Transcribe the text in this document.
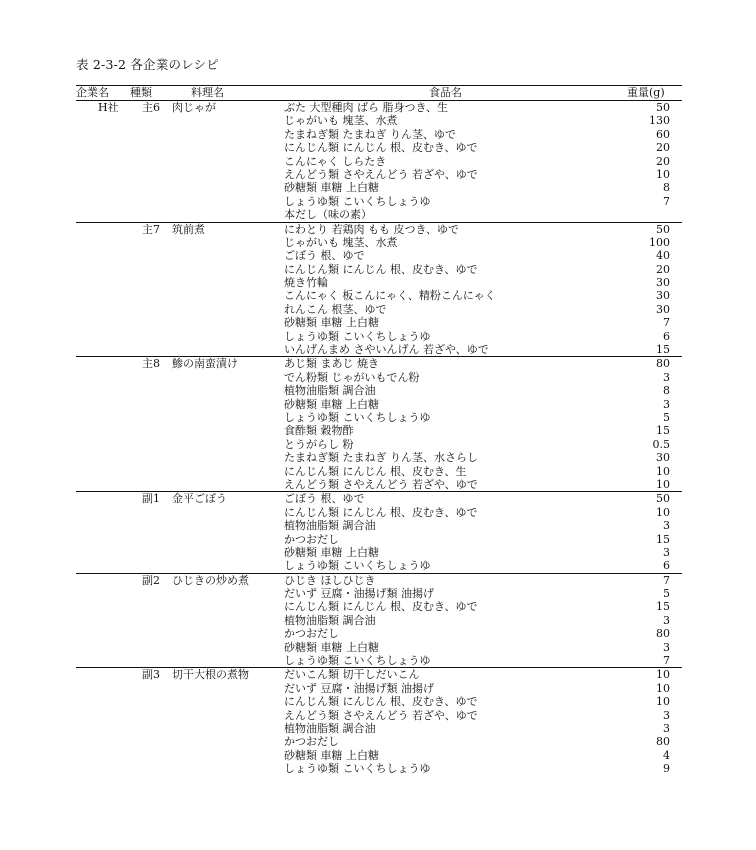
表 2-3-2 各企業のレシピ
企業名 種類	料理名	食品名	重量(g)
H社 主6 肉じゃが	ぶた 大型種肉 ばら 脂身つき、生	50
じゃがいも 塊茎、水煮	130
たまねぎ類 たまねぎ りん茎、ゆで	60
にんじん類 にんじん 根、皮むき、ゆで	20
こんにゃく しらたき	20
えんどう類 さやえんどう 若ざや、ゆで	10
砂糖類 車糖 上白糖	8
しょうゆ類 こいくちしょうゆ	7
本だし（味の素）
主7 筑前煮	にわとり 若鶏肉 もも 皮つき、ゆで	50
じゃがいも 塊茎、水煮	100
ごぼう 根、ゆで	40
にんじん類 にんじん 根、皮むき、ゆで	20
焼き竹輪	30
こんにゃく 板こんにゃく、精粉こんにゃく	30
れんこん 根茎、ゆで	30
砂糖類 車糖 上白糖	7
しょうゆ類 こいくちしょうゆ	6
いんげんまめ さやいんげん 若ざや、ゆで	15
主8 鯵の南蛮漬け	あじ類 まあじ 焼き	80
でん粉類 じゃがいもでん粉	3
植物油脂類 調合油	8
砂糖類 車糖 上白糖	3
しょうゆ類 こいくちしょうゆ	5
食酢類 穀物酢	15
とうがらし 粉	0.5
たまねぎ類 たまねぎ りん茎、水さらし	30
にんじん類 にんじん 根、皮むき、生	10
えんどう類 さやえんどう 若ざや、ゆで	10
副1 金平ごぼう	ごぼう 根、ゆで	50
にんじん類 にんじん 根、皮むき、ゆで	10
植物油脂類 調合油	3
かつおだし	15
砂糖類 車糖 上白糖	3
しょうゆ類 こいくちしょうゆ	6
副2 ひじきの炒め煮	ひじき ほしひじき	7
だいず 豆腐・油揚げ類 油揚げ	5
にんじん類 にんじん 根、皮むき、ゆで	15
植物油脂類 調合油	3
かつおだし	80
砂糖類 車糖 上白糖	3
しょうゆ類 こいくちしょうゆ	7
副3 切干大根の煮物	だいこん類 切干しだいこん	10
だいず 豆腐・油揚げ類 油揚げ	10
にんじん類 にんじん 根、皮むき、ゆで	10
えんどう類 さやえんどう 若ざや、ゆで	3
植物油脂類 調合油	3
かつおだし	80
砂糖類 車糖 上白糖	4
しょうゆ類 こいくちしょうゆ	9
